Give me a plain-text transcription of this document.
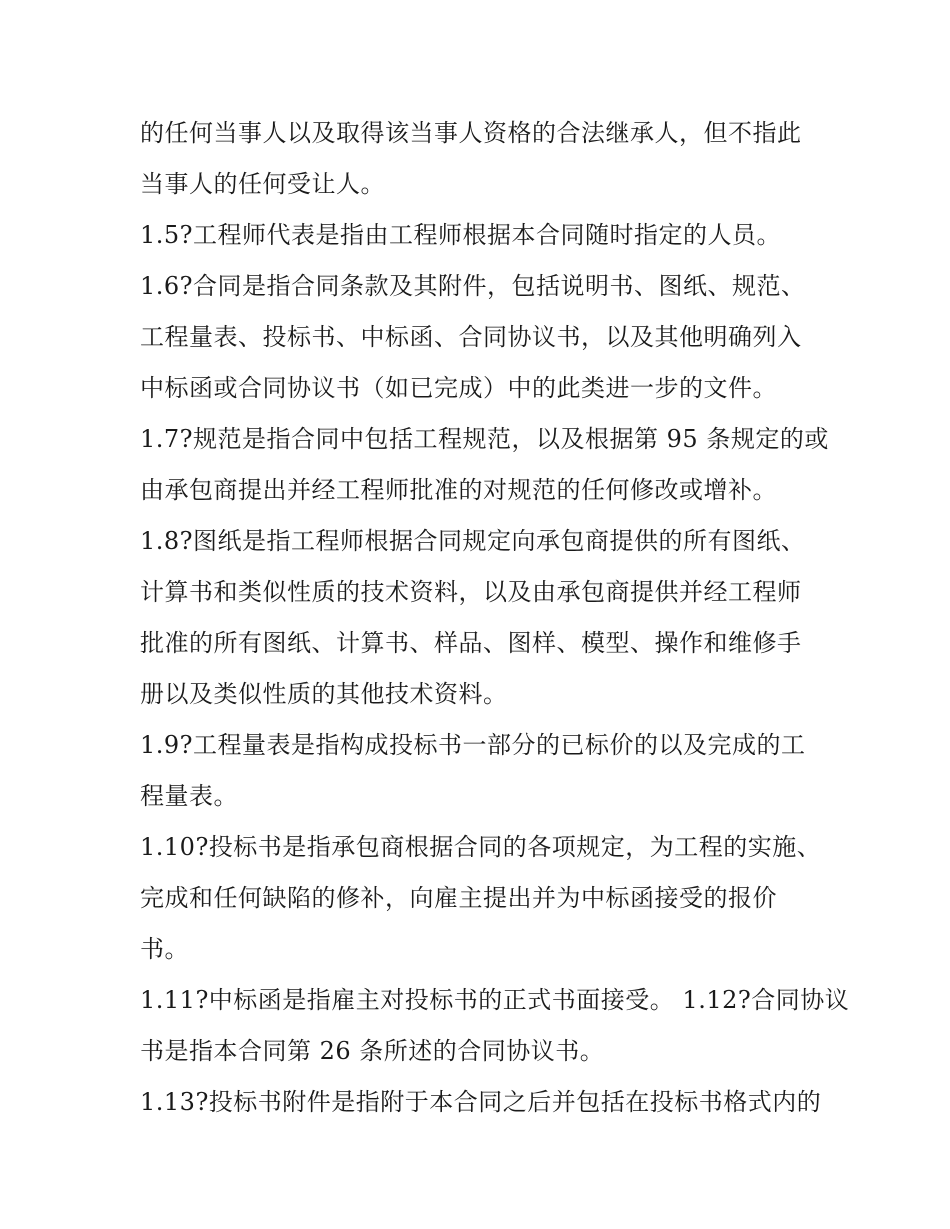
的任何当事人以及取得该当事人资格的合法继承人，但不指此
当事人的任何受让人。
1.5?工程师代表是指由工程师根据本合同随时指定的人员。
1.6?合同是指合同条款及其附件，包括说明书、图纸、规范、
工程量表、投标书、中标函、合同协议书，以及其他明确列入
中标函或合同协议书（如已完成）中的此类进一步的文件。
1.7?规范是指合同中包括工程规范，以及根据第 95 条规定的或
由承包商提出并经工程师批准的对规范的任何修改或增补。
1.8?图纸是指工程师根据合同规定向承包商提供的所有图纸、
计算书和类似性质的技术资料，以及由承包商提供并经工程师
批准的所有图纸、计算书、样品、图样、模型、操作和维修手
册以及类似性质的其他技术资料。
1.9?工程量表是指构成投标书一部分的已标价的以及完成的工
程量表。
1.10?投标书是指承包商根据合同的各项规定，为工程的实施、
完成和任何缺陷的修补，向雇主提出并为中标函接受的报价
书。
1.11?中标函是指雇主对投标书的正式书面接受。 1.12?合同协议
书是指本合同第 26 条所述的合同协议书。
1.13?投标书附件是指附于本合同之后并包括在投标书格式内的
